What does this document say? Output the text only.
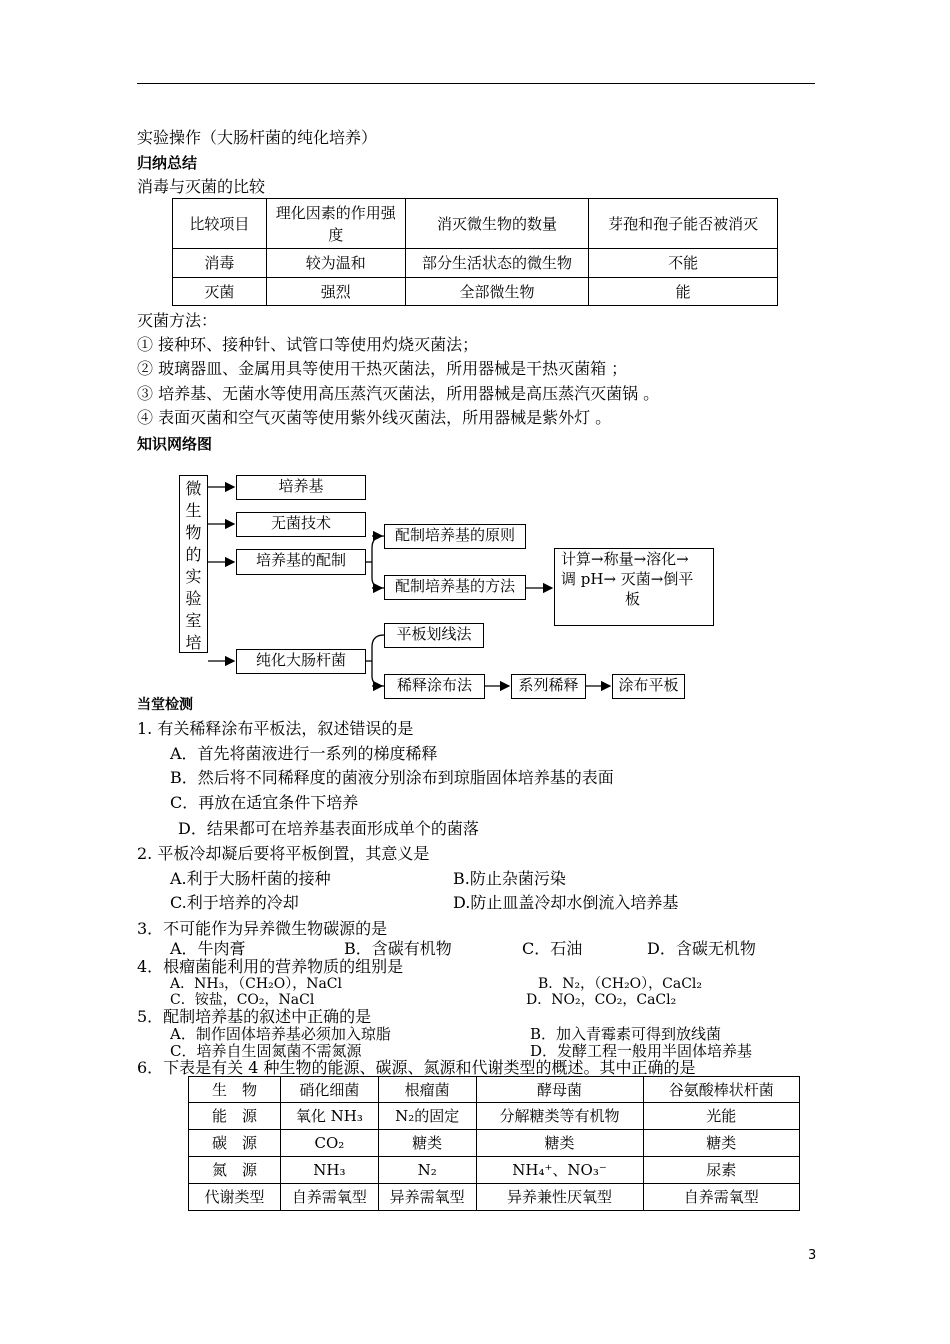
实验操作（大肠杆菌的纯化培养）
归纳总结
消毒与灭菌的比较
比较项目	理化因素的作用强度	消灭微生物的数量	芽孢和孢子能否被消灭
消毒	较为温和	部分生活状态的微生物	不能
灭菌	强烈	全部微生物	能
灭菌方法：
① 接种环、接种针、试管口等使用灼烧灭菌法；
② 玻璃器皿、金属用具等使用干热灭菌法，所用器械是干热灭菌箱 ；
③ 培养基、无菌水等使用高压蒸汽灭菌法，所用器械是高压蒸汽灭菌锅 。
④ 表面灭菌和空气灭菌等使用紫外线灭菌法，所用器械是紫外灯 。
知识网络图
微
生
物
的
实
验
室
培
培养基
无菌技术
培养基的配制
纯化大肠杆菌
配制培养基的原则
配制培养基的方法
计算→称量→溶化→
调 pH→ 灭菌→倒平
板
平板划线法
稀释涂布法	系列稀释	涂布平板
当堂检测
1. 有关稀释涂布平板法，叙述错误的是
A．首先将菌液进行一系列的梯度稀释
B．然后将不同稀释度的菌液分别涂布到琼脂固体培养基的表面
C．再放在适宜条件下培养
D．结果都可在培养基表面形成单个的菌落
2. 平板冷却凝后要将平板倒置，其意义是
A.利于大肠杆菌的接种	B.防止杂菌污染
C.利于培养的冷却	D.防止皿盖冷却水倒流入培养基
3．不可能作为异养微生物碳源的是
A．牛肉膏	B．含碳有机物	C．石油	D．含碳无机物
4．根瘤菌能利用的营养物质的组别是
A．NH₃，（CH₂O），NaCl	B．N₂，（CH₂O），CaCl₂
C．铵盐，CO₂，NaCl	D．NO₂，CO₂，CaCl₂
5．配制培养基的叙述中正确的是
A．制作固体培养基必须加入琼脂	B．加入青霉素可得到放线菌
C．培养自生固氮菌不需氮源	D．发酵工程一般用半固体培养基
6．下表是有关 4 种生物的能源、碳源、氮源和代谢类型的概述。其中正确的是
生　物	硝化细菌	根瘤菌	酵母菌	谷氨酸棒状杆菌
能　源	氧化 NH₃	N₂的固定	分解糖类等有机物	光能
碳　源	CO₂	糖类	糖类	糖类
氮　源	NH₃	N₂	NH₄⁺、NO₃⁻	尿素
代谢类型	自养需氧型	异养需氧型	异养兼性厌氧型	自养需氧型
3
